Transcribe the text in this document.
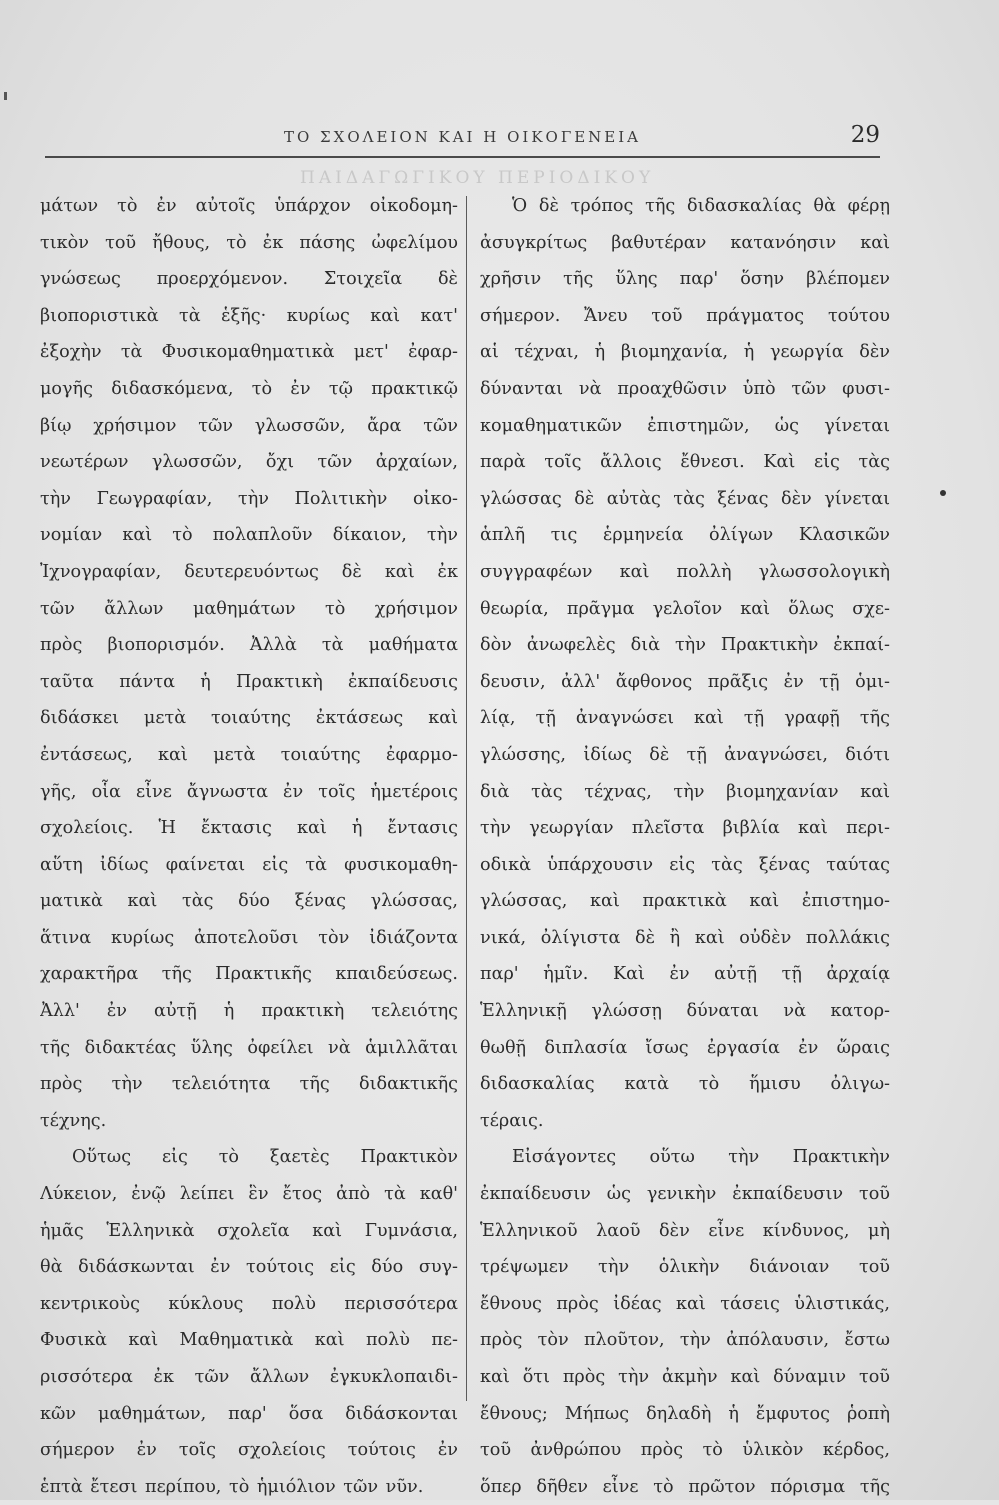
ΤΟ ΣΧΟΛΕΙΟΝ ΚΑΙ Η ΟΙΚΟΓΕΝΕΙΑ	29
ΠΑΙΔΑΓΩΓΙΚΟΥ ΠΕΡΙΟΔΙΚΟΥ
μάτων τὸ ἐν αὐτοῖς ὑπάρχον οἰκοδομη-
τικὸν τοῦ ἤθους, τὸ ἐκ πάσης ὠφελίμου
γνώσεως προερχόμενον. Στοιχεῖα δὲ
βιοποριστικὰ τὰ ἑξῆς· κυρίως καὶ κατ'
ἐξοχὴν τὰ Φυσικομαθηματικὰ μετ' ἐφαρ-
μογῆς διδασκόμενα, τὸ ἐν τῷ πρακτικῷ
βίῳ χρήσιμον τῶν γλωσσῶν, ἄρα τῶν
νεωτέρων γλωσσῶν, ὄχι τῶν ἀρχαίων,
τὴν Γεωγραφίαν, τὴν Πολιτικὴν οἰκο-
νομίαν καὶ τὸ πολαπλοῦν δίκαιον, τὴν
Ἰχνογραφίαν, δευτερευόντως δὲ καὶ ἐκ
τῶν ἄλλων μαθημάτων τὸ χρήσιμον
πρὸς βιοπορισμόν. Ἀλλὰ τὰ μαθήματα
ταῦτα πάντα ἡ Πρακτικὴ ἐκπαίδευσις
διδάσκει μετὰ τοιαύτης ἐκτάσεως καὶ
ἐντάσεως, καὶ μετὰ τοιαύτης ἐφαρμο-
γῆς, οἷα εἶνε ἄγνωστα ἐν τοῖς ἡμετέροις
σχολείοις. Ἡ ἔκτασις καὶ ἡ ἔντασις
αὕτη ἰδίως φαίνεται εἰς τὰ φυσικομαθη-
ματικὰ καὶ τὰς δύο ξένας γλώσσας,
ἅτινα κυρίως ἀποτελοῦσι τὸν ἰδιάζοντα
χαρακτῆρα τῆς Πρακτικῆς κπαιδεύσεως.
Ἀλλ' ἐν αὐτῇ ἡ πρακτικὴ τελειότης
τῆς διδακτέας ὕλης ὀφείλει νὰ ἁμιλλᾶται
πρὸς τὴν τελειότητα τῆς διδακτικῆς
τέχνης.
Οὕτως εἰς τὸ ξαετὲς Πρακτικὸν
Λύκειον, ἐνῷ λείπει ἓν ἔτος ἀπὸ τὰ καθ'
ἡμᾶς Ἑλληνικὰ σχολεῖα καὶ Γυμνάσια,
θὰ διδάσκωνται ἐν τούτοις εἰς δύο συγ-
κεντρικοὺς κύκλους πολὺ περισσότερα
Φυσικὰ καὶ Μαθηματικὰ καὶ πολὺ πε-
ρισσότερα ἐκ τῶν ἄλλων ἐγκυκλοπαιδι-
κῶν μαθημάτων, παρ' ὅσα διδάσκονται
σήμερον ἐν τοῖς σχολείοις τούτοις ἐν
ἑπτὰ ἔτεσι περίπου, τὸ ἡμιόλιον τῶν νῦν.
Ὁ δὲ τρόπος τῆς διδασκαλίας θὰ φέρῃ
ἀσυγκρίτως βαθυτέραν κατανόησιν καὶ
χρῆσιν τῆς ὕλης παρ' ὅσην βλέπομεν
σήμερον. Ἄνευ τοῦ πράγματος τούτου
αἱ τέχναι, ἡ βιομηχανία, ἡ γεωργία δὲν
δύνανται νὰ προαχθῶσιν ὑπὸ τῶν φυσι-
κομαθηματικῶν ἐπιστημῶν, ὡς γίνεται
παρὰ τοῖς ἄλλοις ἔθνεσι. Καὶ εἰς τὰς
γλώσσας δὲ αὐτὰς τὰς ξένας δὲν γίνεται
ἁπλῆ τις ἑρμηνεία ὀλίγων Κλασικῶν
συγγραφέων καὶ πολλὴ γλωσσολογικὴ
θεωρία, πρᾶγμα γελοῖον καὶ ὅλως σχε-
δὸν ἀνωφελὲς διὰ τὴν Πρακτικὴν ἐκπαί-
δευσιν, ἀλλ' ἄφθονος πρᾶξις ἐν τῇ ὁμι-
λίᾳ, τῇ ἀναγνώσει καὶ τῇ γραφῇ τῆς
γλώσσης, ἰδίως δὲ τῇ ἀναγνώσει, διότι
διὰ τὰς τέχνας, τὴν βιομηχανίαν καὶ
τὴν γεωργίαν πλεῖστα βιβλία καὶ περι-
οδικὰ ὑπάρχουσιν εἰς τὰς ξένας ταύτας
γλώσσας, καὶ πρακτικὰ καὶ ἐπιστημο-
νικά, ὀλίγιστα δὲ ἢ καὶ οὐδὲν πολλάκις
παρ' ἡμῖν. Καὶ ἐν αὐτῇ τῇ ἀρχαίᾳ
Ἑλληνικῇ γλώσσῃ δύναται νὰ κατορ-
θωθῇ διπλασία ἴσως ἐργασία ἐν ὥραις
διδασκαλίας κατὰ τὸ ἥμισυ ὀλιγω-
τέραις.
Εἰσάγοντες οὕτω τὴν Πρακτικὴν
ἐκπαίδευσιν ὡς γενικὴν ἐκπαίδευσιν τοῦ
Ἑλληνικοῦ λαοῦ δὲν εἶνε κίνδυνος, μὴ
τρέψωμεν τὴν ὁλικὴν διάνοιαν τοῦ
ἔθνους πρὸς ἰδέας καὶ τάσεις ὑλιστικάς,
πρὸς τὸν πλοῦτον, τὴν ἀπόλαυσιν, ἔστω
καὶ ὅτι πρὸς τὴν ἀκμὴν καὶ δύναμιν τοῦ
ἔθνους; Μήπως δηλαδὴ ἡ ἔμφυτος ῥοπὴ
τοῦ ἀνθρώπου πρὸς τὸ ὑλικὸν κέρδος,
ὅπερ δῆθεν εἶνε τὸ πρῶτον πόρισμα τῆς
